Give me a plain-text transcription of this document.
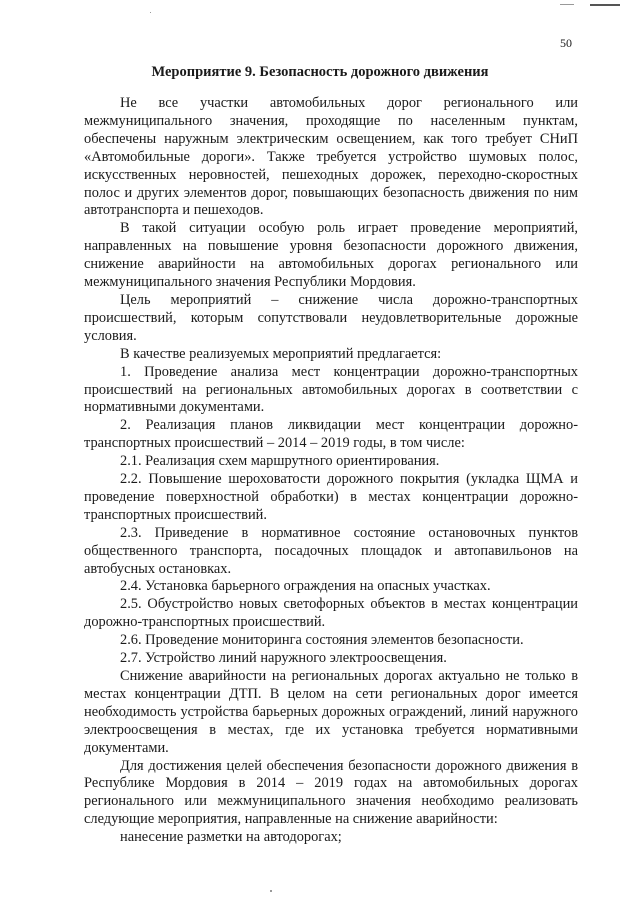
50
Мероприятие 9. Безопасность дорожного движения

Не все участки автомобильных дорог регионального или межмуниципального значения, проходящие по населенным пунктам, обеспечены наружным электрическим освещением, как того требует СНиП «Автомобильные дороги». Также требуется устройство шумовых полос, искусственных неровностей, пешеходных дорожек, переходно-скоростных полос и других элементов дорог, повышающих безопасность движения по ним автотранспорта и пешеходов.

В такой ситуации особую роль играет проведение мероприятий, направленных на повышение уровня безопасности дорожного движения, снижение аварийности на автомобильных дорогах регионального или межмуниципального значения Республики Мордовия.

Цель мероприятий – снижение числа дорожно-транспортных происшествий, которым сопутствовали неудовлетворительные дорожные условия.

В качестве реализуемых мероприятий предлагается:

1. Проведение анализа мест концентрации дорожно-транспортных происшествий на региональных автомобильных дорогах в соответствии с нормативными документами.

2. Реализация планов ликвидации мест концентрации дорожно-транспортных происшествий – 2014 – 2019 годы, в том числе:

2.1. Реализация схем маршрутного ориентирования.

2.2. Повышение шероховатости дорожного покрытия (укладка ЩМА и проведение поверхностной обработки) в местах концентрации дорожно-транспортных происшествий.

2.3. Приведение в нормативное состояние остановочных пунктов общественного транспорта, посадочных площадок и автопавильонов на автобусных остановках.

2.4. Установка барьерного ограждения на опасных участках.

2.5. Обустройство новых светофорных объектов в местах концентрации дорожно-транспортных происшествий.

2.6. Проведение мониторинга состояния элементов безопасности.

2.7. Устройство линий наружного электроосвещения.

Снижение аварийности на региональных дорогах актуально не только в местах концентрации ДТП. В целом на сети региональных дорог имеется необходимость устройства барьерных дорожных ограждений, линий наружного электроосвещения в местах, где их установка требуется нормативными документами.

Для достижения целей обеспечения безопасности дорожного движения в Республике Мордовия в 2014 – 2019 годах на автомобильных дорогах регионального или межмуниципального значения необходимо реализовать следующие мероприятия, направленные на снижение аварийности:

нанесение разметки на автодорогах;
